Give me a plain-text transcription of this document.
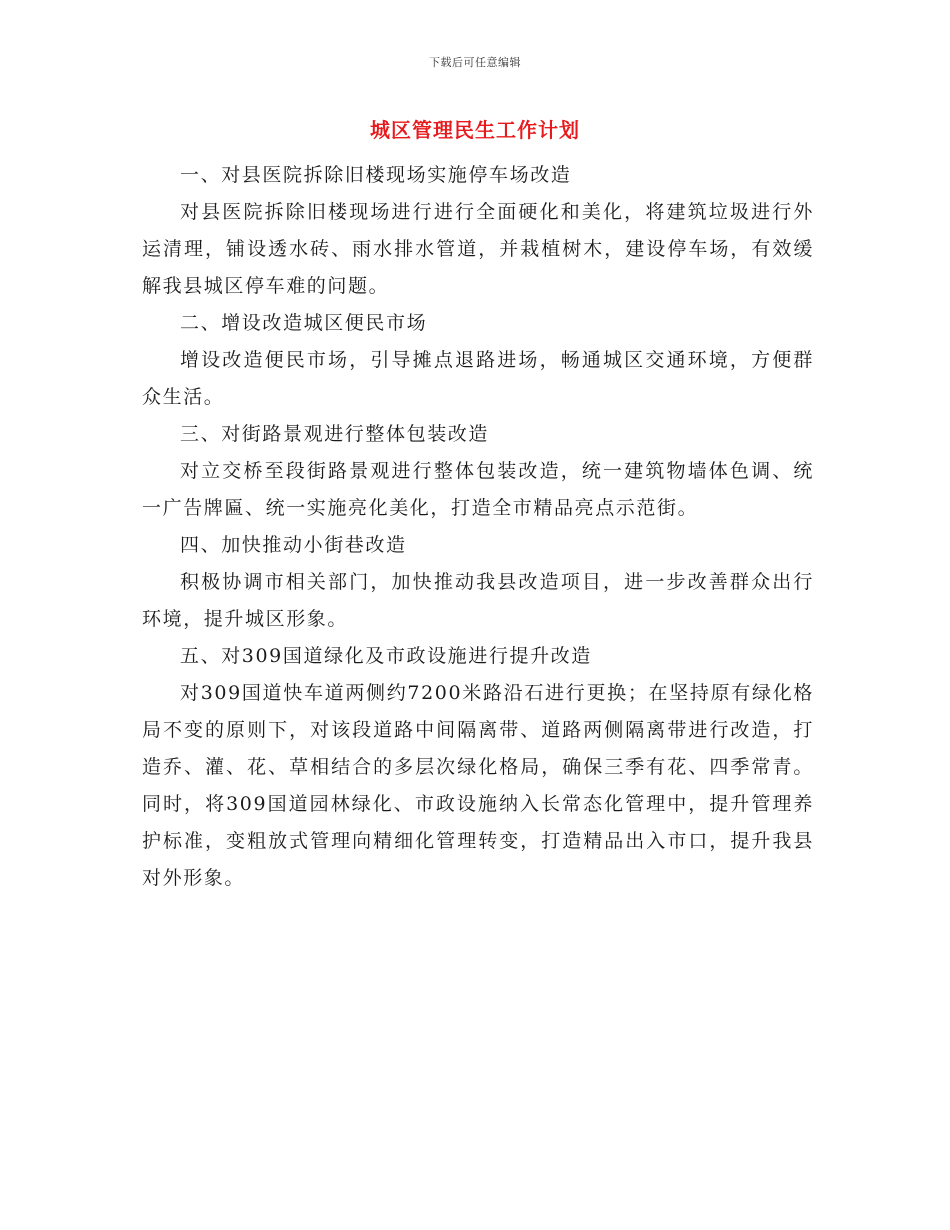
下载后可任意编辑
城区管理民生工作计划

一、对县医院拆除旧楼现场实施停车场改造

对县医院拆除旧楼现场进行进行全面硬化和美化，将建筑垃圾进行外运清理，铺设透水砖、雨水排水管道，并栽植树木，建设停车场，有效缓解我县城区停车难的问题。

二、增设改造城区便民市场

增设改造便民市场，引导摊点退路进场，畅通城区交通环境，方便群众生活。

三、对街路景观进行整体包装改造

对立交桥至段街路景观进行整体包装改造，统一建筑物墙体色调、统一广告牌匾、统一实施亮化美化，打造全市精品亮点示范街。

四、加快推动小街巷改造

积极协调市相关部门，加快推动我县改造项目，进一步改善群众出行环境，提升城区形象。

五、对309国道绿化及市政设施进行提升改造

对309国道快车道两侧约7200米路沿石进行更换；在坚持原有绿化格局不变的原则下，对该段道路中间隔离带、道路两侧隔离带进行改造，打造乔、灌、花、草相结合的多层次绿化格局，确保三季有花、四季常青。同时，将309国道园林绿化、市政设施纳入长常态化管理中，提升管理养护标准，变粗放式管理向精细化管理转变，打造精品出入市口，提升我县对外形象。
